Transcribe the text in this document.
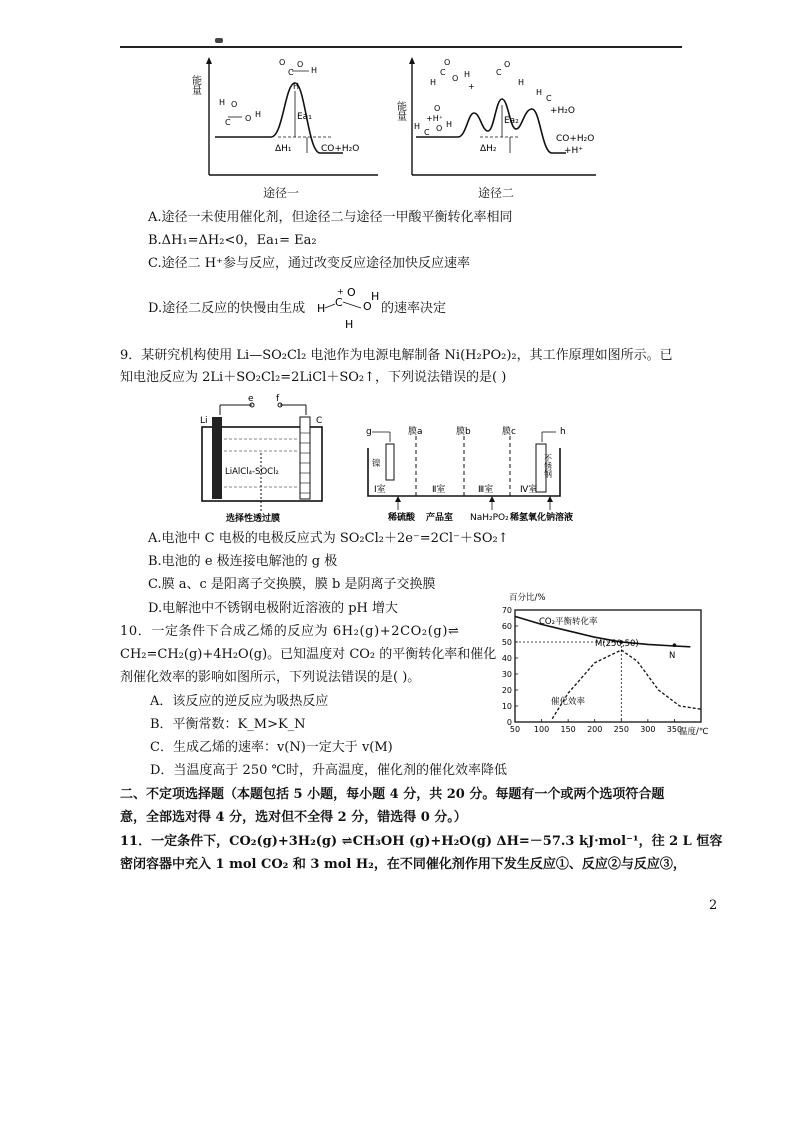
能量
Ea₁
ΔH₁	CO+H₂O
H O
O H
C
C
O
H
O
H
途径一
能量	Ea₂
ΔH₂
CO+H₂O
+H⁺
+H₂O
+H⁺
H
C O H
O
H
C
O H
O
+
C
O
H
H
C
途径二
A.途径一未使用催化剂，但途径二与途径一甲酸平衡转化率相同
B.ΔH₁=ΔH₂<0，Ea₁= Ea₂
C.途径二 H⁺参与反应，通过改变反应途径加快反应速率
D.途径二反应的快慢由生成 H C
+ O
O
H
H
的速率决定
9．某研究机构使用 Li—SO₂Cl₂ 电池作为电源电解制备 Ni(H₂PO₂)₂，其工作原理如图所示。已
知电池反应为 2Li＋SO₂Cl₂=2LiCl＋SO₂↑，下列说法错误的是( )
e f
Li	C
LiAlCl₄-SOCl₂
选择性透过膜
g	h
镍	不锈钢
膜a	膜b	膜c
Ⅰ室	Ⅱ室	Ⅲ室	Ⅳ室
稀硫酸 产品室 NaH₂PO₂ 稀氢氧化钠溶液
A.电池中 C 电极的电极反应式为 SO₂Cl₂＋2e⁻=2Cl⁻＋SO₂↑
B.电池的 e 极连接电解池的 g 极
C.膜 a、c 是阳离子交换膜，膜 b 是阴离子交换膜
D.电解池中不锈钢电极附近溶液的 pH 增大
10．一定条件下合成乙烯的反应为 6H₂(g)+2CO₂(g)⇌
CH₂=CH₂(g)+4H₂O(g)。已知温度对 CO₂ 的平衡转化率和催化
剂催化效率的影响如图所示，下列说法错误的是( )。
A．该反应的逆反应为吸热反应
B．平衡常数：K_M>K_N
C．生成乙烯的速率：v(N)一定大于 v(M)
D．当温度高于 250 ℃时，升高温度，催化剂的催化效率降低
百分比/%
0
10
20
30
40
50
60
70
50 100 150 200 250 300 350
温度/℃
CO₂平衡转化率
催化效率
M(250,50)
N
二、不定项选择题（本题包括 5 小题，每小题 4 分，共 20 分。每题有一个或两个选项符合题
意，全部选对得 4 分，选对但不全得 2 分，错选得 0 分。）
11．一定条件下，CO₂(g)+3H₂(g) ⇌CH₃OH (g)+H₂O(g) ΔH=－57.3 kJ·mol⁻¹，往 2 L 恒容
密闭容器中充入 1 mol CO₂ 和 3 mol H₂，在不同催化剂作用下发生反应①、反应②与反应③，
2
